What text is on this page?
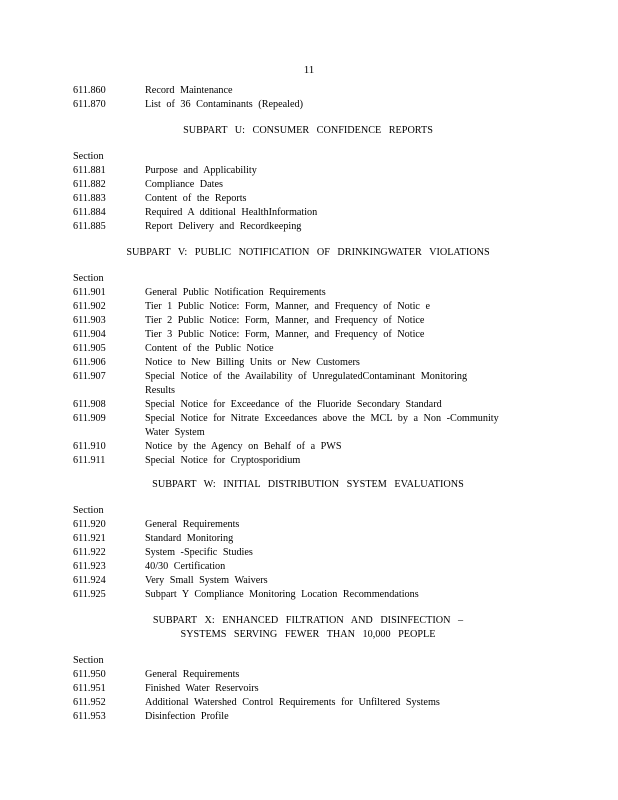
11
611.860	Record Maintenance
611.870	List of 36 Contaminants (Repealed)
SUBPART U: CONSUMER CONFIDENCE REPORTS
Section
611.881	Purpose and Applicability
611.882	Compliance Dates
611.883	Content of the Reports
611.884	Required A dditional HealthInformation
611.885	Report Delivery and Recordkeeping
SUBPART V: PUBLIC NOTIFICATION OF DRINKINGWATER VIOLATIONS
Section
611.901	General Public Notification Requirements
611.902	Tier 1 Public Notice: Form, Manner, and Frequency of Notic e
611.903	Tier 2 Public Notice: Form, Manner, and Frequency of Notice
611.904	Tier 3 Public Notice: Form, Manner, and Frequency of Notice
611.905	Content of the Public Notice
611.906	Notice to New Billing Units or New Customers
611.907	Special Notice of the Availability of UnregulatedContaminant Monitoring
Results
611.908	Special Notice for Exceedance of the Fluoride Secondary Standard
611.909	Special Notice for Nitrate Exceedances above the MCL by a Non -Community
Water System
611.910	Notice by the Agency on Behalf of a PWS
611.911	Special Notice for Cryptosporidium
SUBPART W: INITIAL DISTRIBUTION SYSTEM EVALUATIONS
Section
611.920	General Requirements
611.921	Standard Monitoring
611.922	System -Specific Studies
611.923	40/30 Certification
611.924	Very Small System Waivers
611.925	Subpart Y Compliance Monitoring Location Recommendations
SUBPART X: ENHANCED FILTRATION AND DISINFECTION –
SYSTEMS SERVING FEWER THAN 10,000 PEOPLE
Section
611.950	General Requirements
611.951	Finished Water Reservoirs
611.952	Additional Watershed Control Requirements for Unfiltered Systems
611.953	Disinfection Profile
